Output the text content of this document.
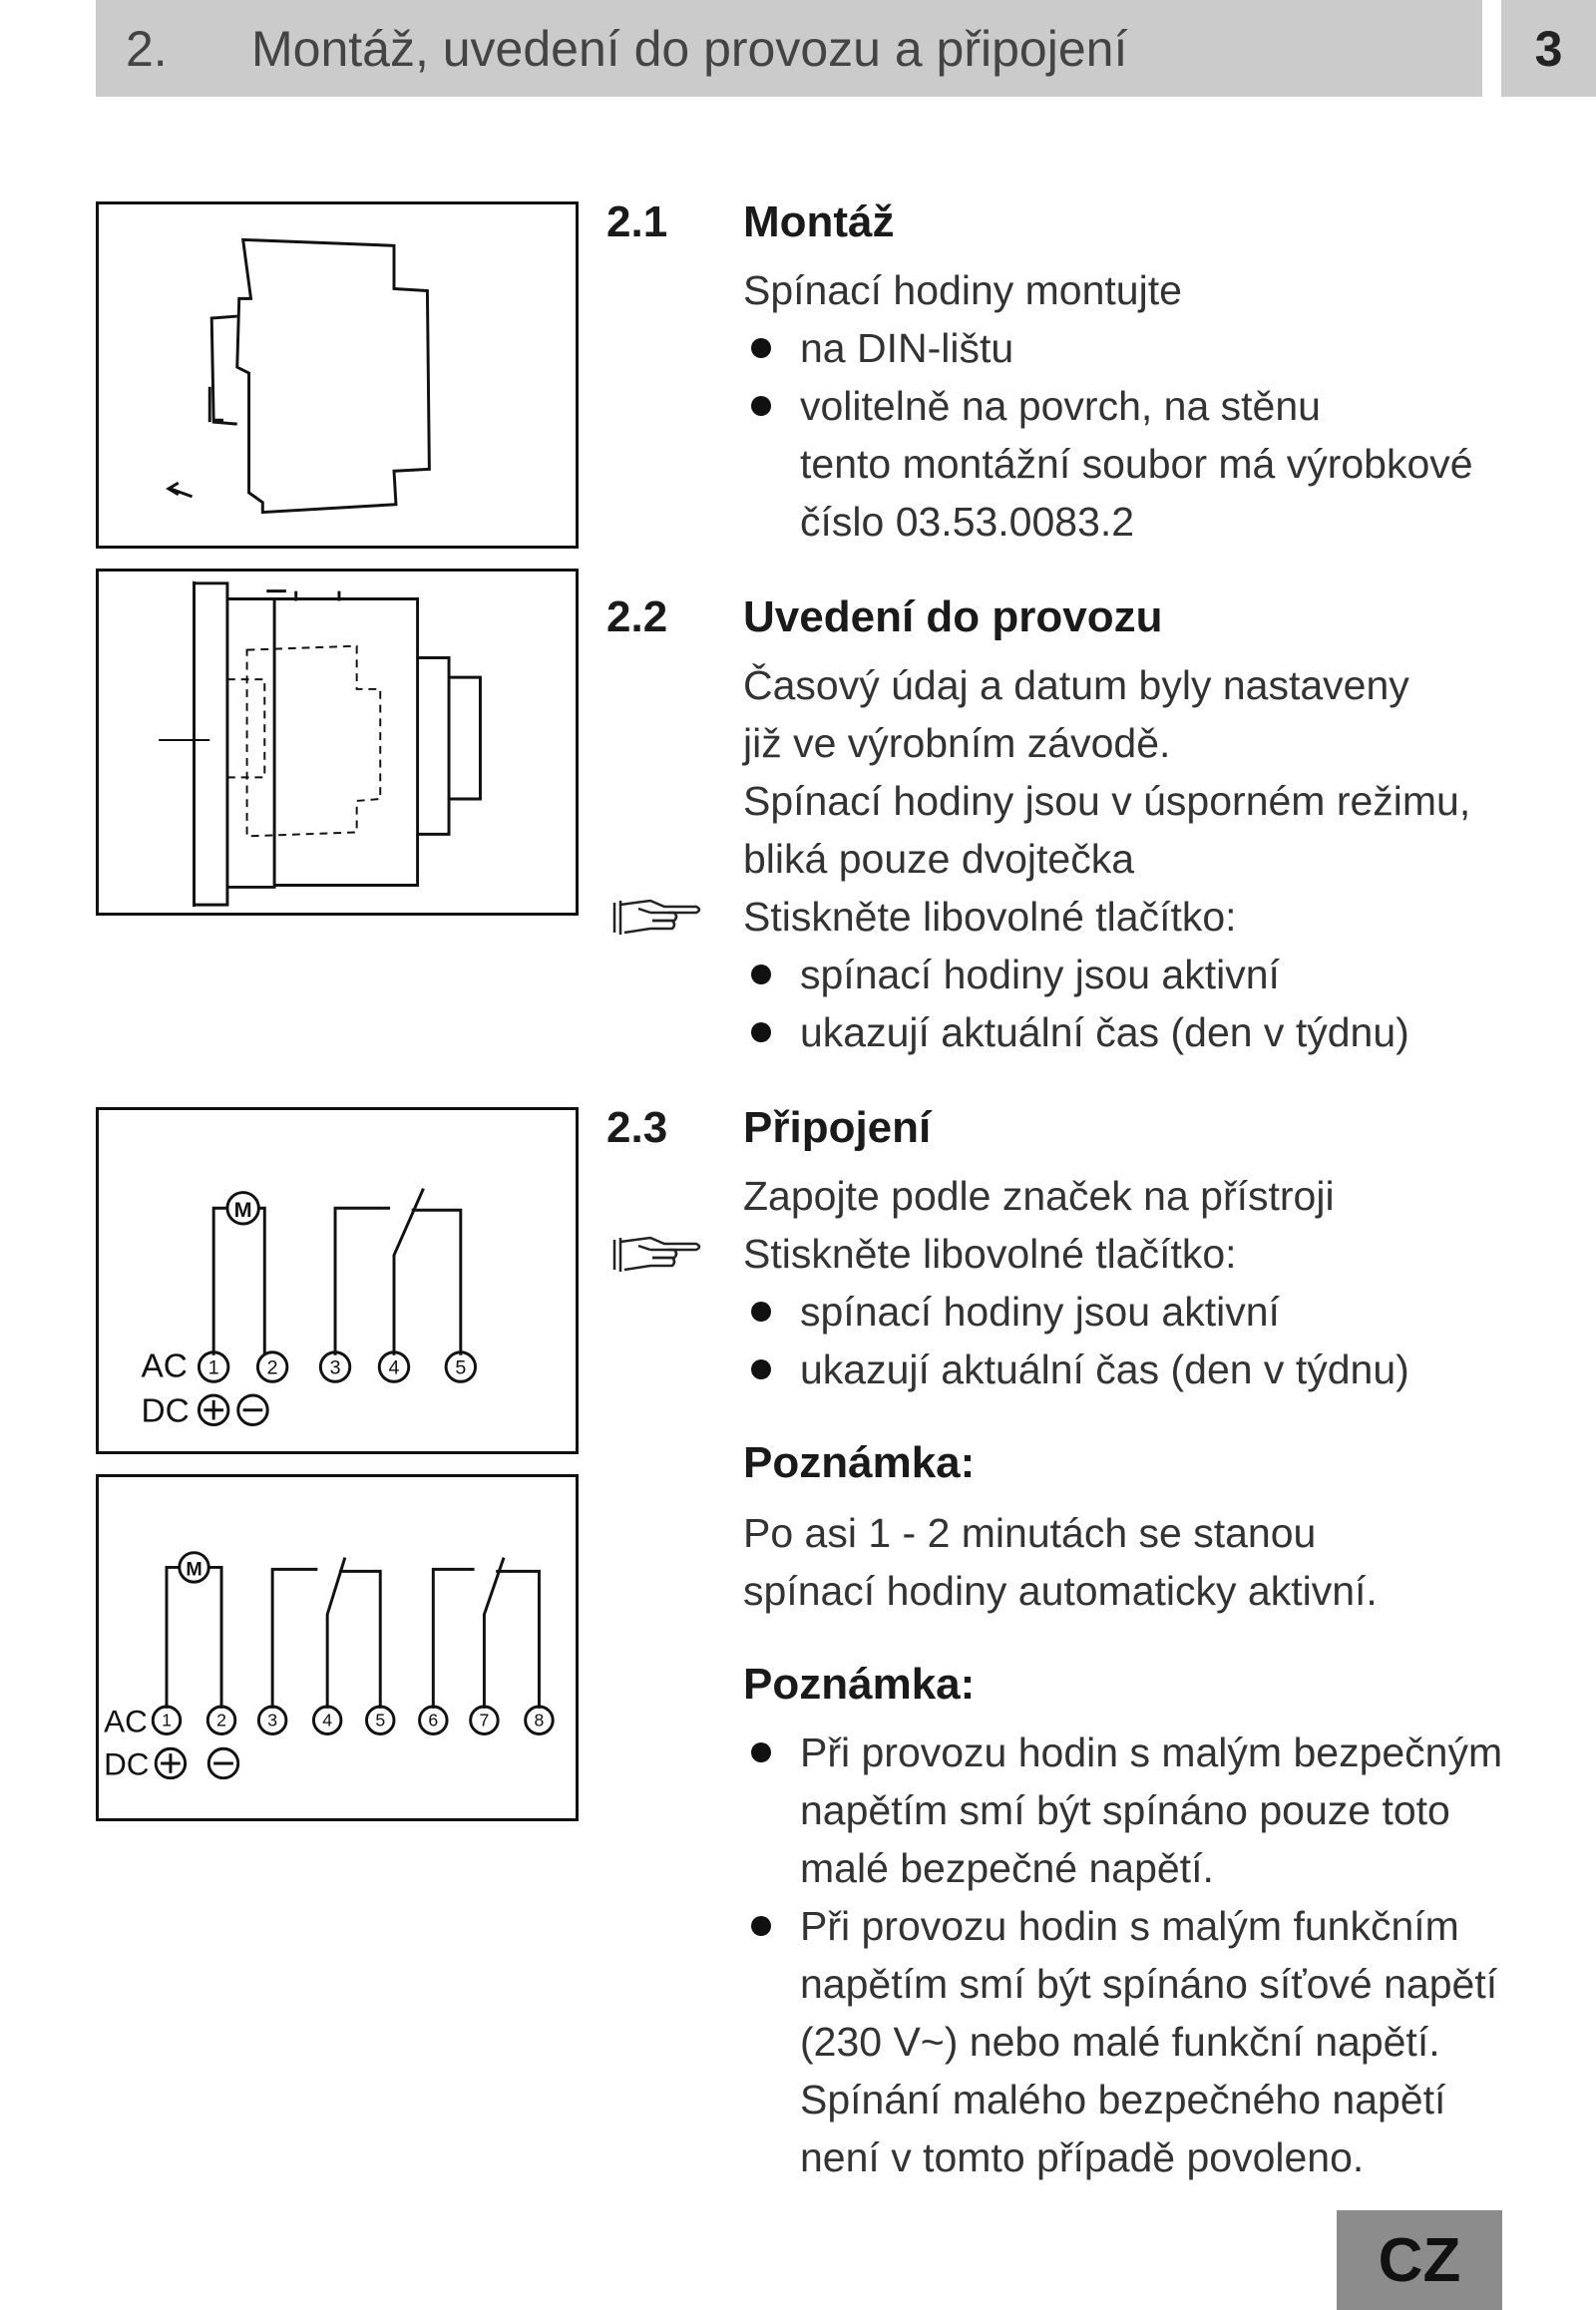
2.	Montáž, uvedení do provozu a připojení	3
M
AC
DC
1 2	3 4	5
M
AC
DC
1	2 3	4 5 6 7	8
2.1 Montáž
Spínací hodiny montujte
na DIN-lištu
volitelně na povrch, na stěnu
tento montážní soubor má výrobkové
číslo 03.53.0083.2
2.2 Uvedení do provozu
Časový údaj a datum byly nastaveny
již ve výrobním závodě.
Spínací hodiny jsou v úsporném režimu,
bliká pouze dvojtečka
Stiskněte libovolné tlačítko:
spínací hodiny jsou aktivní
ukazují aktuální čas (den v týdnu)
2.3 Připojení
Zapojte podle značek na přístroji
Stiskněte libovolné tlačítko:
spínací hodiny jsou aktivní
ukazují aktuální čas (den v týdnu)
Poznámka:
Po asi 1 - 2 minutách se stanou
spínací hodiny automaticky aktivní.
Poznámka:
Při provozu hodin s malým bezpečným
napětím smí být spínáno pouze toto
malé bezpečné napětí.
Při provozu hodin s malým funkčním
napětím smí být spínáno síťové napětí
(230 V~) nebo malé funkční napětí.
Spínání malého bezpečného napětí
není v tomto případě povoleno.
CZ
